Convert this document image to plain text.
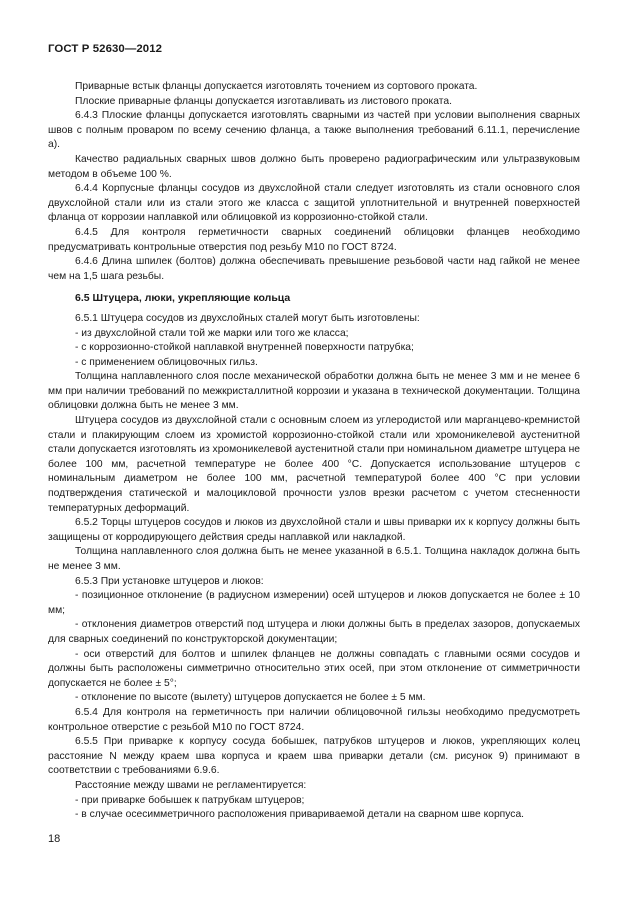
ГОСТ Р 52630—2012

Приварные встык фланцы допускается изготовлять точением из сортового проката.

Плоские приварные фланцы допускается изготавливать из листового проката.

6.4.3 Плоские фланцы допускается изготовлять сварными из частей при условии выполнения сварных швов с полным проваром по всему сечению фланца, а также выполнения требований 6.11.1, перечисление а).

Качество радиальных сварных швов должно быть проверено радиографическим или ультразвуковым методом в объеме 100 %.

6.4.4 Корпусные фланцы сосудов из двухслойной стали следует изготовлять из стали основного слоя двухслойной стали или из стали этого же класса с защитой уплотнительной и внутренней поверхностей фланца от коррозии наплавкой или облицовкой из коррозионно-стойкой стали.

6.4.5 Для контроля герметичности сварных соединений облицовки фланцев необходимо предусматривать контрольные отверстия под резьбу М10 по ГОСТ 8724.

6.4.6 Длина шпилек (болтов) должна обеспечивать превышение резьбовой части над гайкой не менее чем на 1,5 шага резьбы.

6.5 Штуцера, люки, укрепляющие кольца

6.5.1 Штуцера сосудов из двухслойных сталей могут быть изготовлены:

- из двухслойной стали той же марки или того же класса;

- с коррозионно-стойкой наплавкой внутренней поверхности патрубка;

- с применением облицовочных гильз.

Толщина наплавленного слоя после механической обработки должна быть не менее 3 мм и не менее 6 мм при наличии требований по межкристаллитной коррозии и указана в технической документации. Толщина облицовки должна быть не менее 3 мм.

Штуцера сосудов из двухслойной стали с основным слоем из углеродистой или марганцево-кремнистой стали и плакирующим слоем из хромистой коррозионно-стойкой стали или хромоникелевой аустенитной стали допускается изготовлять из хромоникелевой аустенитной стали при номинальном диаметре штуцера не более 100 мм, расчетной температуре не более 400 °С. Допускается использование штуцеров с номинальным диаметром не более 100 мм, расчетной температурой более 400 °С при условии подтверждения статической и малоцикловой прочности узлов врезки расчетом с учетом стесненности температурных деформаций.

6.5.2 Торцы штуцеров сосудов и люков из двухслойной стали и швы приварки их к корпусу должны быть защищены от корродирующего действия среды наплавкой или накладкой.

Толщина наплавленного слоя должна быть не менее указанной в 6.5.1. Толщина накладок должна быть не менее 3 мм.

6.5.3 При установке штуцеров и люков:

- позиционное отклонение (в радиусном измерении) осей штуцеров и люков допускается не более ± 10 мм;

- отклонения диаметров отверстий под штуцера и люки должны быть в пределах зазоров, допускаемых для сварных соединений по конструкторской документации;

- оси отверстий для болтов и шпилек фланцев не должны совпадать с главными осями сосудов и должны быть расположены симметрично относительно этих осей, при этом отклонение от симметричности допускается не более ± 5°;

- отклонение по высоте (вылету) штуцеров допускается не более ± 5 мм.

6.5.4 Для контроля на герметичность при наличии облицовочной гильзы необходимо предусмотреть контрольное отверстие с резьбой М10 по ГОСТ 8724.

6.5.5 При приварке к корпусу сосуда бобышек, патрубков штуцеров и люков, укрепляющих колец расстояние N между краем шва корпуса и краем шва приварки детали (см. рисунок 9) принимают в соответствии с требованиями 6.9.6.

Расстояние между швами не регламентируется:

- при приварке бобышек к патрубкам штуцеров;

- в случае осесимметричного расположения привариваемой детали на сварном шве корпуса.

18
